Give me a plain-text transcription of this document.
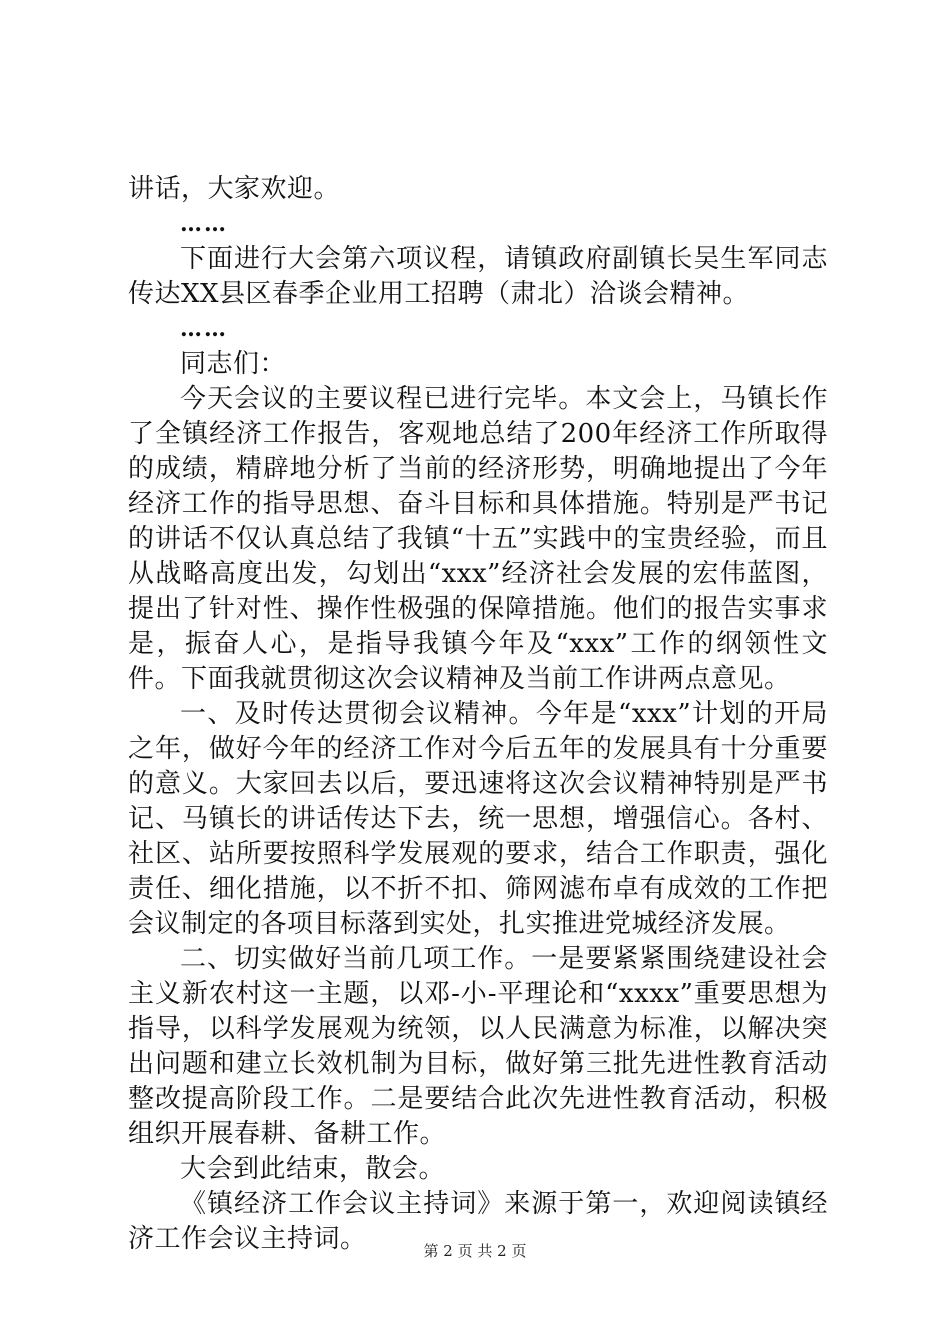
讲话，大家欢迎。

……

下面进行大会第六项议程，请镇政府副镇长吴生军同志传达XX县区春季企业用工招聘（肃北）洽谈会精神。

……

同志们：

今天会议的主要议程已进行完毕。本文会上，马镇长作了全镇经济工作报告，客观地总结了200年经济工作所取得的成绩，精辟地分析了当前的经济形势，明确地提出了今年经济工作的指导思想、奋斗目标和具体措施。特别是严书记的讲话不仅认真总结了我镇“十五”实践中的宝贵经验，而且从战略高度出发，勾划出“xxx”经济社会发展的宏伟蓝图，提出了针对性、操作性极强的保障措施。他们的报告实事求是，振奋人心，是指导我镇今年及“xxx”工作的纲领性文件。下面我就贯彻这次会议精神及当前工作讲两点意见。

一、及时传达贯彻会议精神。今年是“xxx”计划的开局之年，做好今年的经济工作对今后五年的发展具有十分重要的意义。大家回去以后，要迅速将这次会议精神特别是严书记、马镇长的讲话传达下去，统一思想，增强信心。各村、社区、站所要按照科学发展观的要求，结合工作职责，强化责任、细化措施，以不折不扣、筛网滤布卓有成效的工作把会议制定的各项目标落到实处，扎实推进党城经济发展。

二、切实做好当前几项工作。一是要紧紧围绕建设社会主义新农村这一主题，以邓-小-平理论和“xxxx”重要思想为指导，以科学发展观为统领，以人民满意为标准，以解决突出问题和建立长效机制为目标，做好第三批先进性教育活动整改提高阶段工作。二是要结合此次先进性教育活动，积极组织开展春耕、备耕工作。

大会到此结束，散会。

《镇经济工作会议主持词》来源于第一，欢迎阅读镇经济工作会议主持词。	第 2 页 共 2 页
